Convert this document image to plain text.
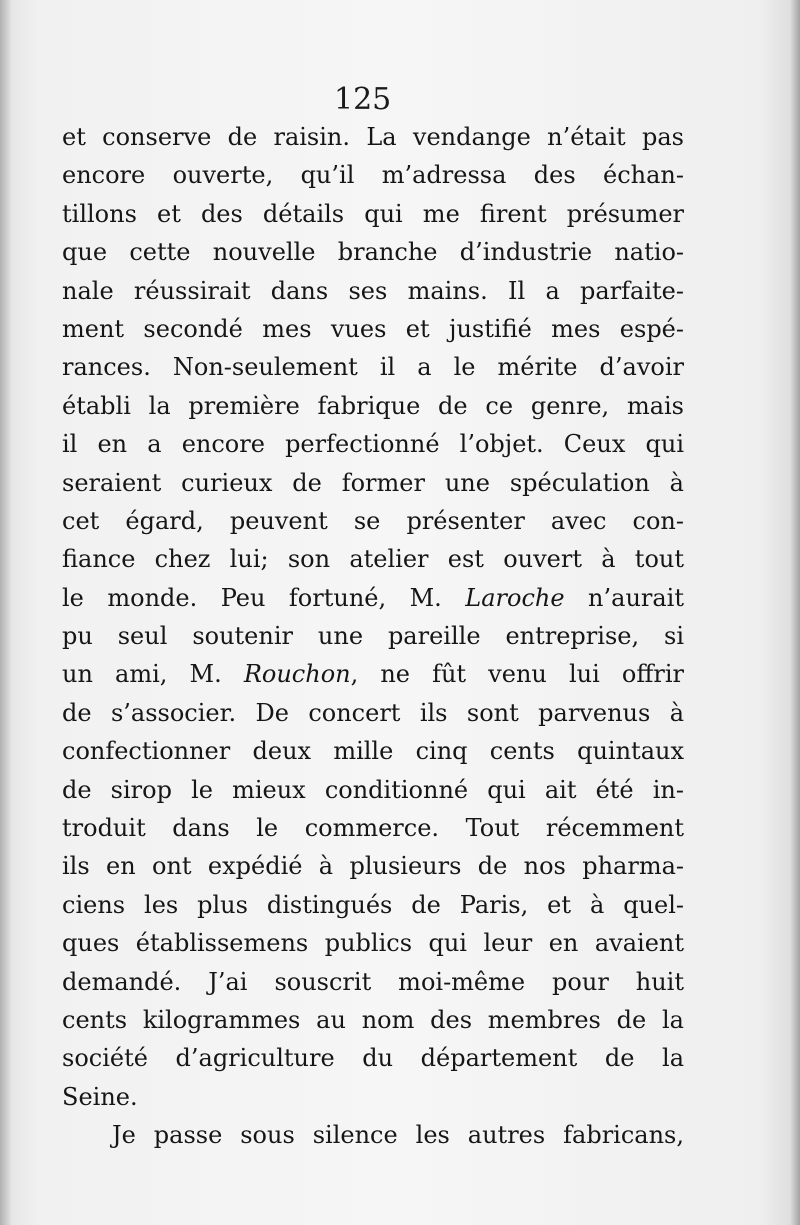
125
et conserve de raisin. La vendange n’était pas
encore ouverte, qu’il m’adressa des échan-
tillons et des détails qui me firent présumer
que cette nouvelle branche d’industrie natio-
nale réussirait dans ses mains. Il a parfaite-
ment secondé mes vues et justifié mes espé-
rances. Non-seulement il a le mérite d’avoir
établi la première fabrique de ce genre, mais
il en a encore perfectionné l’objet. Ceux qui
seraient curieux de former une spéculation à
cet égard, peuvent se présenter avec con-
fiance chez lui; son atelier est ouvert à tout
le monde. Peu fortuné, M. Laroche n’aurait
pu seul soutenir une pareille entreprise, si
un ami, M. Rouchon, ne fût venu lui offrir
de s’associer. De concert ils sont parvenus à
confectionner deux mille cinq cents quintaux
de sirop le mieux conditionné qui ait été in-
troduit dans le commerce. Tout récemment
ils en ont expédié à plusieurs de nos pharma-
ciens les plus distingués de Paris, et à quel-
ques établissemens publics qui leur en avaient
demandé. J’ai souscrit moi-même pour huit
cents kilogrammes au nom des membres de la
société d’agriculture du département de la
Seine.
Je passe sous silence les autres fabricans,
